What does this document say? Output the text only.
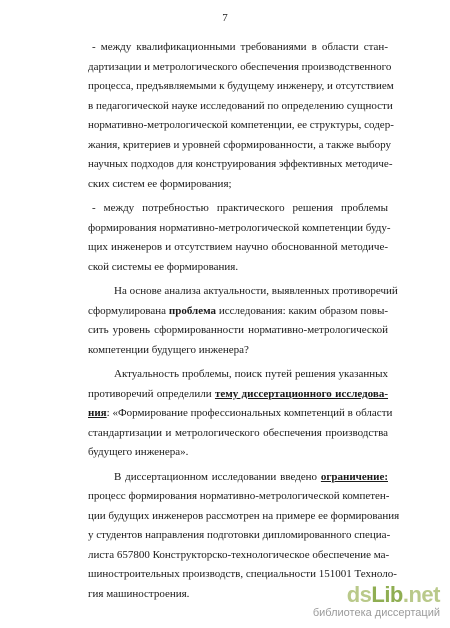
7

- между квалификационными требованиями в области стан-
дартизации и метрологического обеспечения производственного
процесса, предъявляемыми к будущему инженеру, и отсутствием
в педагогической науке исследований по определению сущности
нормативно-метрологической компетенции, ее структуры, содер-
жания, критериев и уровней сформированности, а также выбору
научных подходов для конструирования эффективных методиче-
ских систем ее формирования;

- между потребностью практического решения проблемы
формирования нормативно-метрологической компетенции буду-
щих инженеров и отсутствием научно обоснованной методиче-
ской системы ее формирования.

На основе анализа актуальности, выявленных противоречий
сформулирована проблема исследования: каким образом повы-
сить уровень сформированности нормативно-метрологической
компетенции будущего инженера?

Актуальность проблемы, поиск путей решения указанных
противоречий определили тему диссертационного исследова-
ния: «Формирование профессиональных компетенций в области
стандартизации и метрологического обеспечения производства
будущего инженера».

В диссертационном исследовании введено ограничение:
процесс формирования нормативно-метрологической компетен-
ции будущих инженеров рассмотрен на примере ее формирования
у студентов направления подготовки дипломированного специа-
листа 657800 Конструкторско-технологическое обеспечение ма-
шиностроительных производств, специальности 151001 Техноло-
гия машиностроения.	dsLib.net
библиотека диссертаций
